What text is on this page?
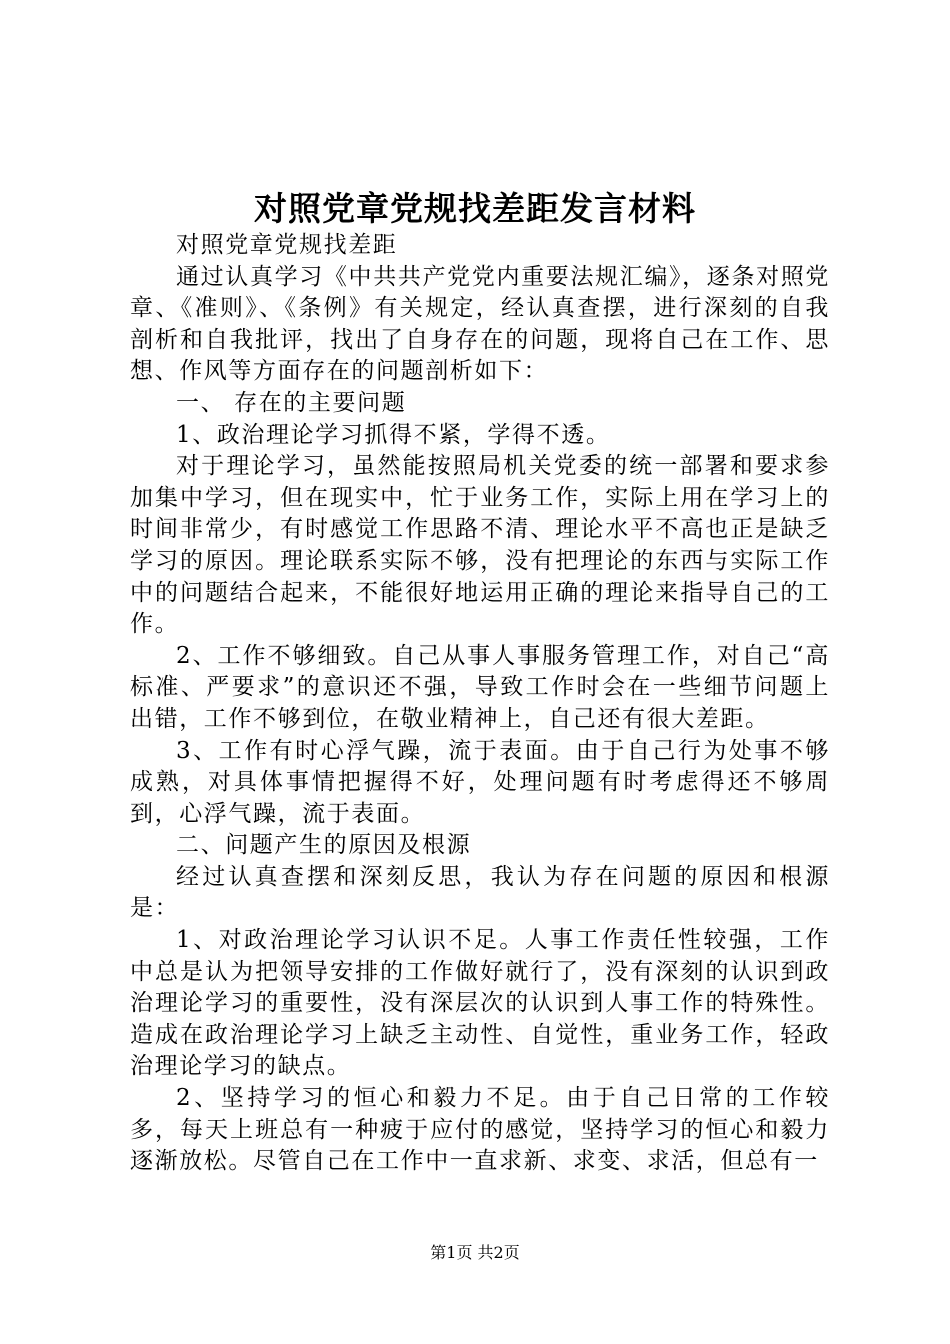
对照党章党规找差距发言材料

对照党章党规找差距

通过认真学习《中共共产党党内重要法规汇编》，逐条对照党章、《准则》、《条例》有关规定，经认真查摆，进行深刻的自我剖析和自我批评，找出了自身存在的问题，现将自己在工作、思想、作风等方面存在的问题剖析如下：

一、 存在的主要问题

1、政治理论学习抓得不紧，学得不透。

对于理论学习，虽然能按照局机关党委的统一部署和要求参加集中学习，但在现实中，忙于业务工作，实际上用在学习上的时间非常少，有时感觉工作思路不清、理论水平不高也正是缺乏学习的原因。理论联系实际不够，没有把理论的东西与实际工作中的问题结合起来，不能很好地运用正确的理论来指导自己的工作。

2、工作不够细致。自己从事人事服务管理工作，对自己“高标准、严要求”的意识还不强，导致工作时会在一些细节问题上出错，工作不够到位，在敬业精神上，自己还有很大差距。

3、工作有时心浮气躁，流于表面。由于自己行为处事不够成熟，对具体事情把握得不好，处理问题有时考虑得还不够周到，心浮气躁，流于表面。

二、问题产生的原因及根源

经过认真查摆和深刻反思，我认为存在问题的原因和根源是：

1、对政治理论学习认识不足。人事工作责任性较强，工作中总是认为把领导安排的工作做好就行了，没有深刻的认识到政治理论学习的重要性，没有深层次的认识到人事工作的特殊性。造成在政治理论学习上缺乏主动性、自觉性，重业务工作，轻政治理论学习的缺点。

2、坚持学习的恒心和毅力不足。由于自己日常的工作较多，每天上班总有一种疲于应付的感觉，坚持学习的恒心和毅力逐渐放松。尽管自己在工作中一直求新、求变、求活，但总有一

第1页 共2页
